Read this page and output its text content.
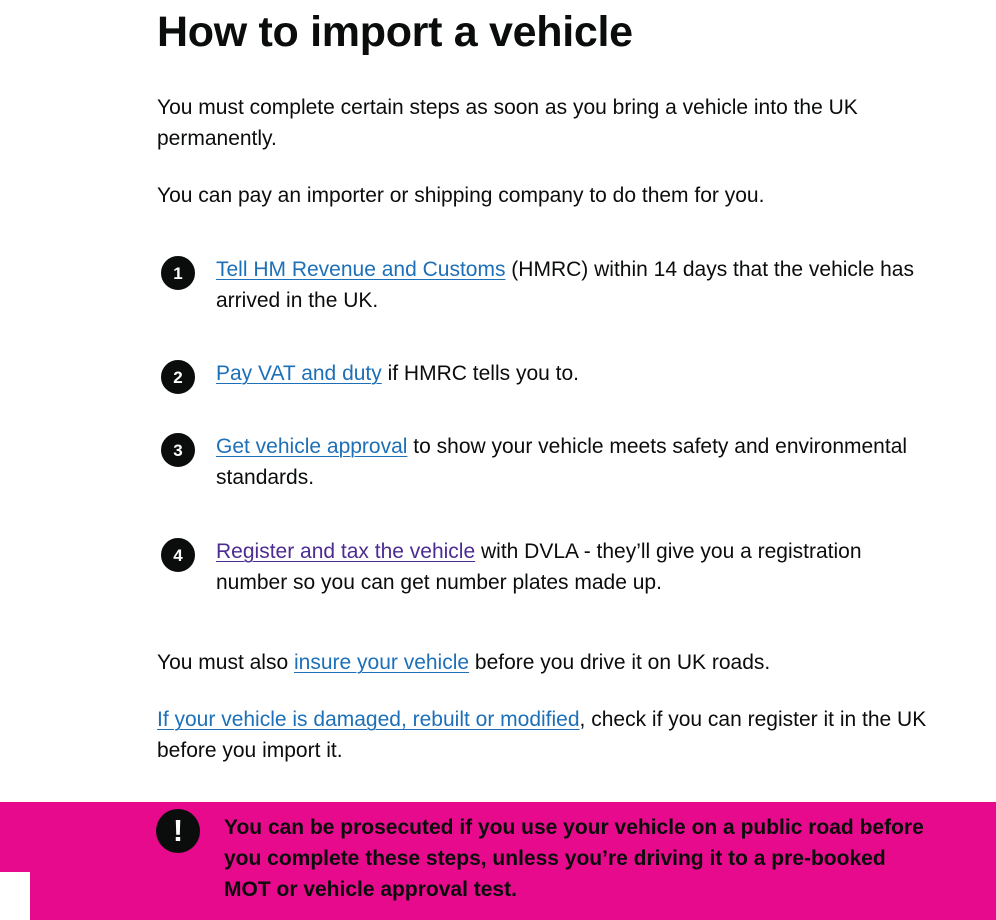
How to import a vehicle

You must complete certain steps as soon as you bring a vehicle into the UK permanently.

You can pay an importer or shipping company to do them for you.

1	Tell HM Revenue and Customs (HMRC) within 14 days that the vehicle has arrived in the UK.

2	Pay VAT and duty if HMRC tells you to.

3	Get vehicle approval to show your vehicle meets safety and environmental standards.

4	Register and tax the vehicle with DVLA - they’ll give you a registration number so you can get number plates made up.

You must also insure your vehicle before you drive it on UK roads.

If your vehicle is damaged, rebuilt or modified, check if you can register it in the UK before you import it.

!	You can be prosecuted if you use your vehicle on a public road before you complete these steps, unless you’re driving it to a pre-booked MOT or vehicle approval test.
